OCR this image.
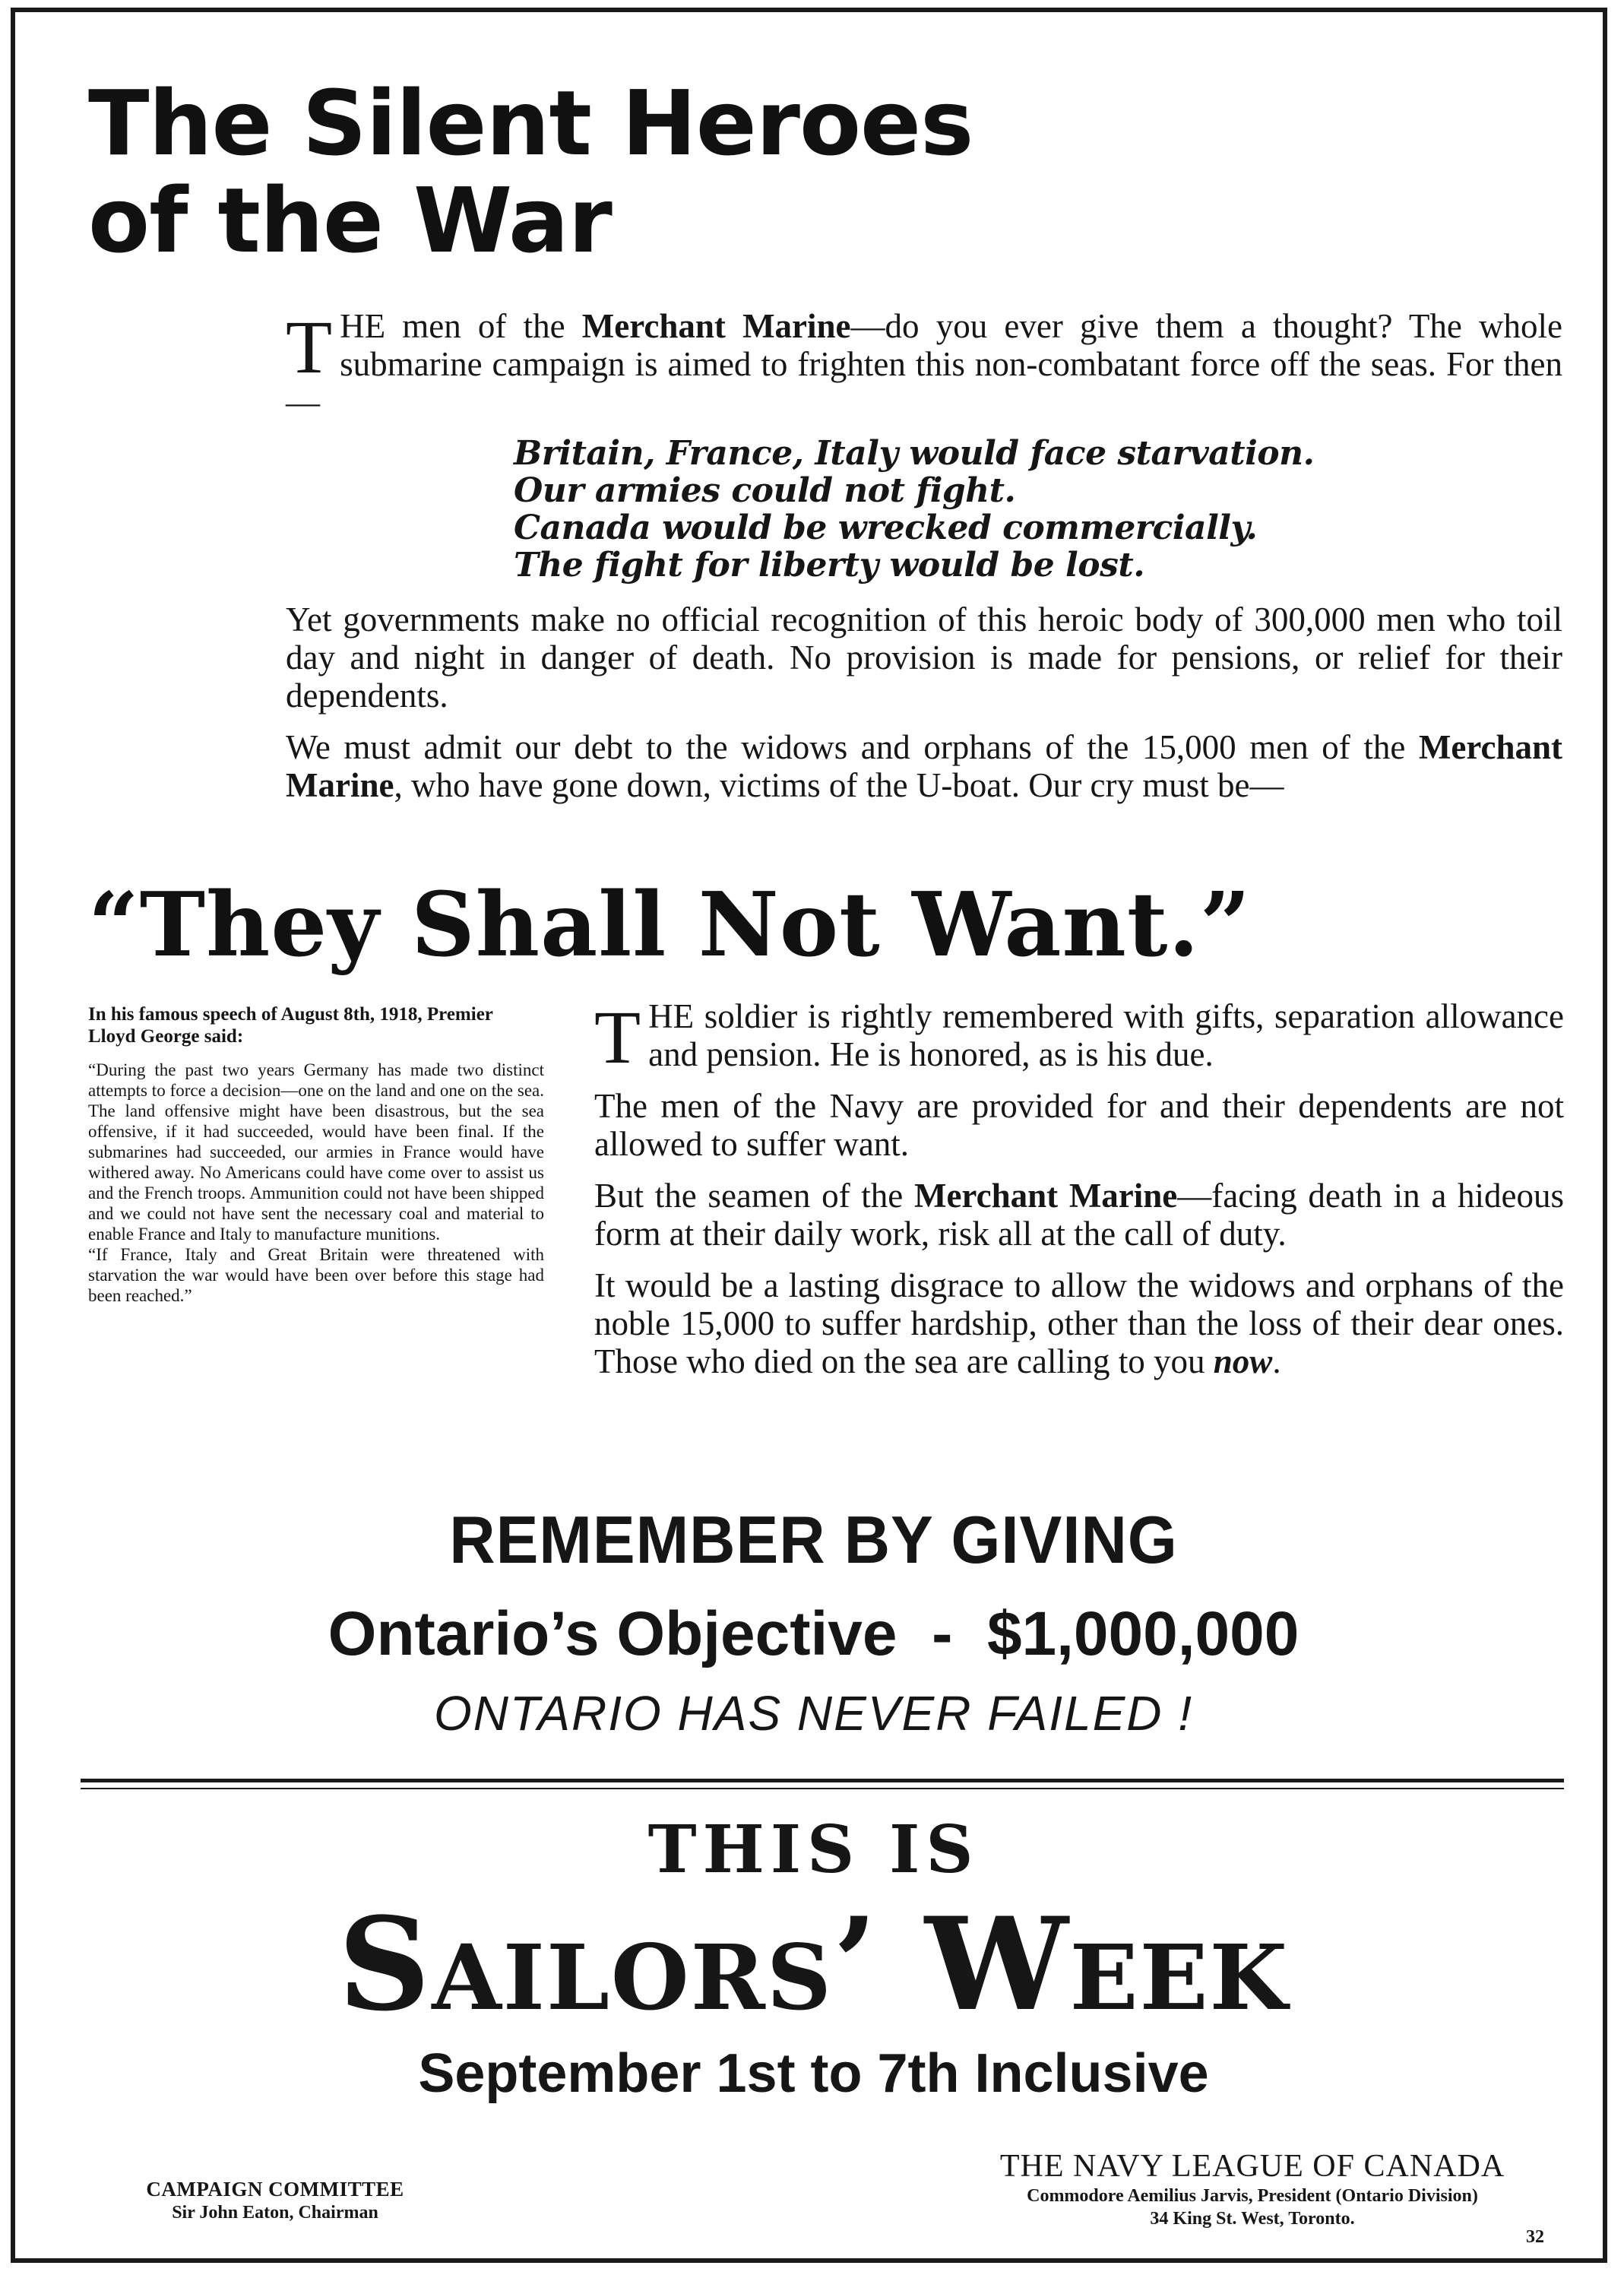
The Silent Heroes
of the War

THE men of the Merchant Marine—do you ever give them a thought? The whole submarine campaign is aimed to frighten this non-combatant force off the seas. For then—

Britain, France, Italy would face starvation.
Our armies could not fight.
Canada would be wrecked commercially.
The fight for liberty would be lost.

Yet governments make no official recognition of this heroic body of 300,000 men who toil day and night in danger of death. No provision is made for pensions, or relief for their dependents.

We must admit our debt to the widows and orphans of the 15,000 men of the Merchant Marine, who have gone down, victims of the U-boat. Our cry must be—

“They Shall Not Want.”
In his famous speech of August 8th, 1918, Premier Lloyd George said:
“During the past two years Germany has made two distinct attempts to force a decision—one on the land and one on the sea. The land offensive might have been disastrous, but the sea offensive, if it had succeeded, would have been final. If the submarines had succeeded, our armies in France would have withered away. No Americans could have come over to assist us and the French troops. Ammunition could not have been shipped and we could not have sent the necessary coal and material to enable France and Italy to manufacture munitions.
“If France, Italy and Great Britain were threatened with starvation the war would have been over before this stage had been reached.”

THE soldier is rightly remembered with gifts, separation allowance and pension. He is honored, as is his due.

The men of the Navy are provided for and their dependents are not allowed to suffer want.

But the seamen of the Merchant Marine—facing death in a hideous form at their daily work, risk all at the call of duty.

It would be a lasting disgrace to allow the widows and orphans of the noble 15,000 to suffer hardship, other than the loss of their dear ones. Those who died on the sea are calling to you now.

REMEMBER BY GIVING
Ontario’s Objective  -  $1,000,000
ONTARIO HAS NEVER FAILED !
THIS IS
Sailors’ Week
September 1st to 7th Inclusive
CAMPAIGN COMMITTEE
Sir John Eaton, Chairman
THE NAVY LEAGUE OF CANADA
Commodore Aemilius Jarvis, President (Ontario Division)
34 King St. West, Toronto.
32
